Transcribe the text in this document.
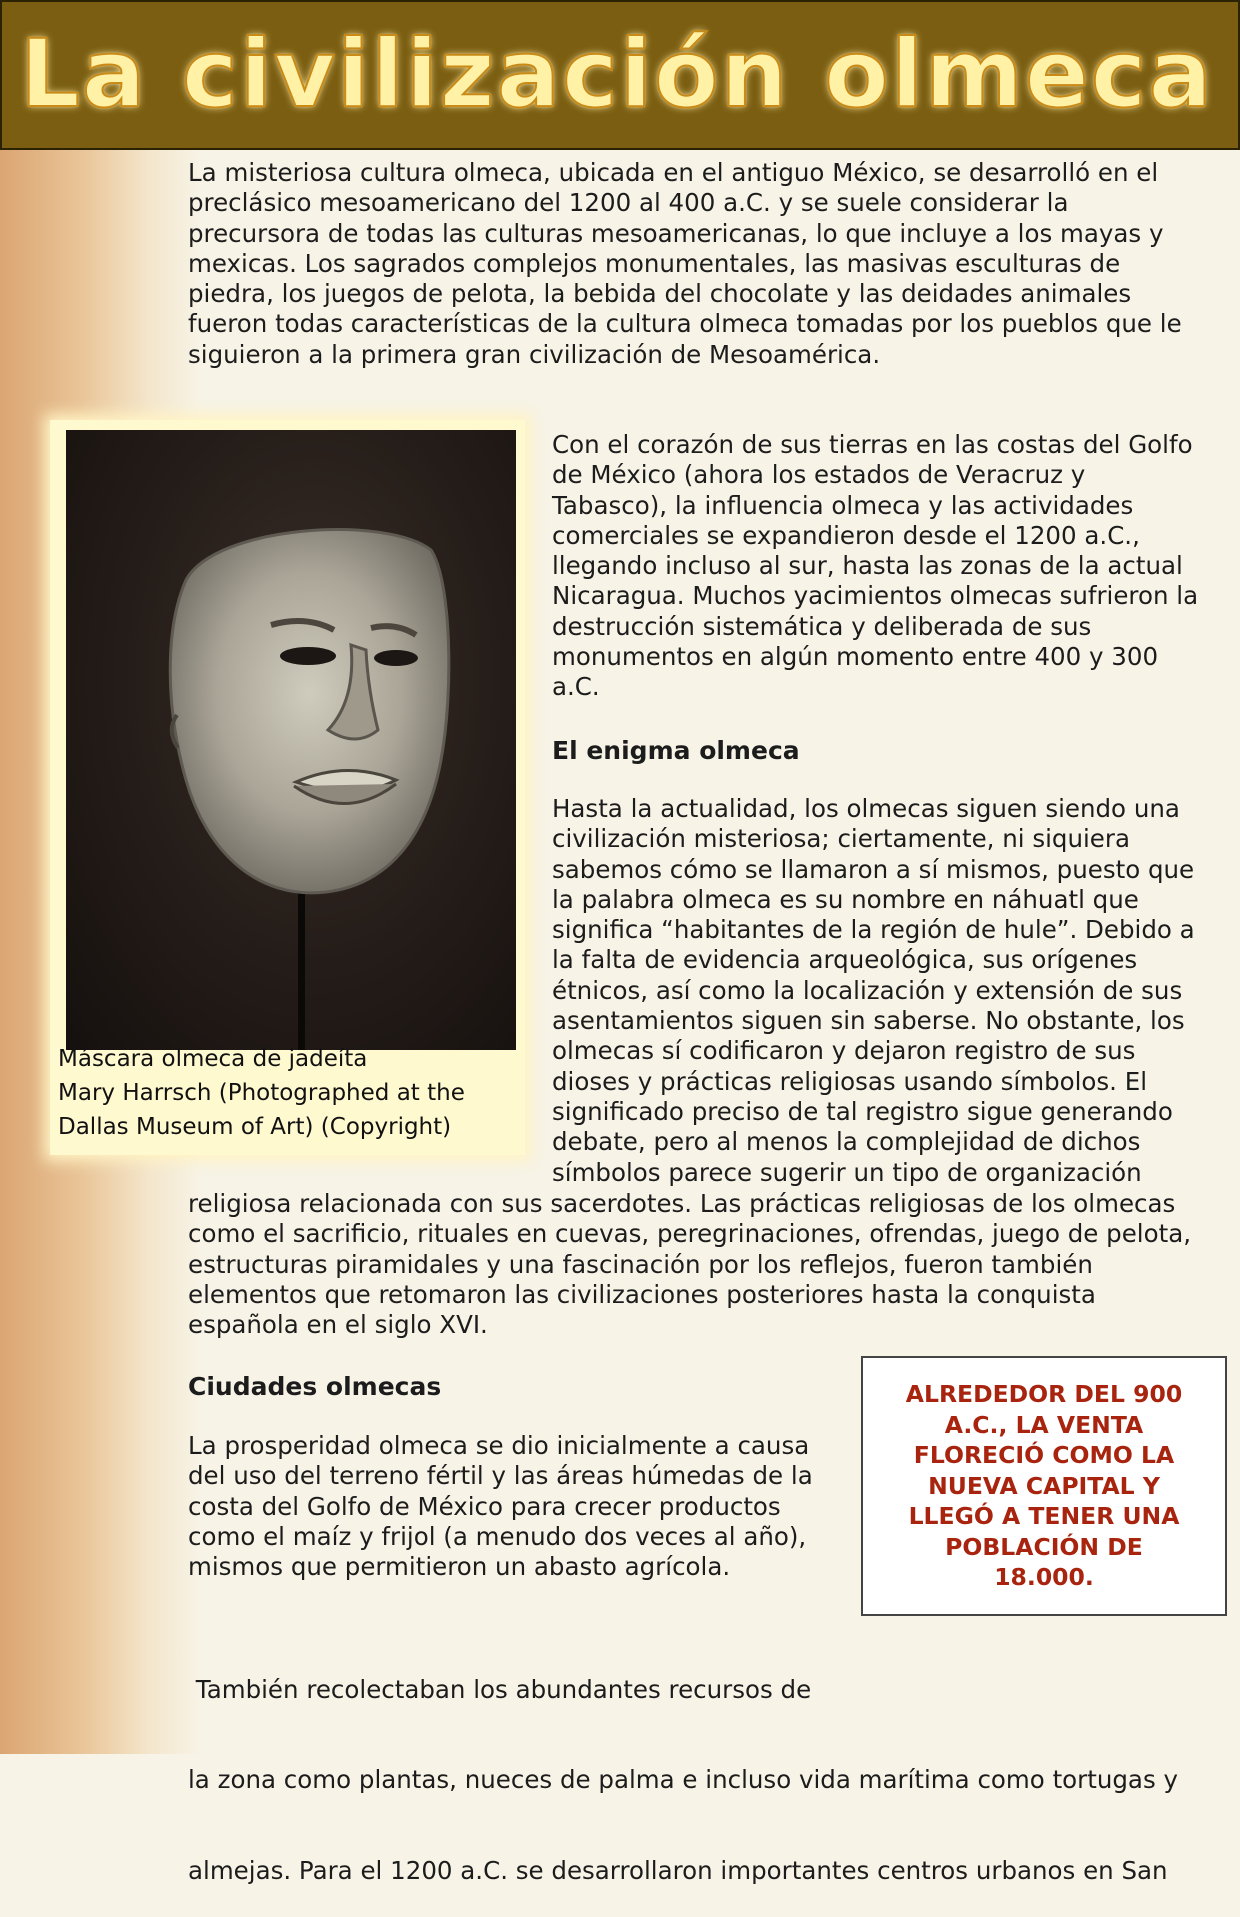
La civilización olmeca

La misteriosa cultura olmeca, ubicada en el antiguo México, se desarrolló en el
preclásico mesoamericano del 1200 al 400 a.C. y se suele considerar la
precursora de todas las culturas mesoamericanas, lo que incluye a los mayas y
mexicas. Los sagrados complejos monumentales, las masivas esculturas de
piedra, los juegos de pelota, la bebida del chocolate y las deidades animales
fueron todas características de la cultura olmeca tomadas por los pueblos que le
siguieron a la primera gran civilización de Mesoamérica.

Máscara olmeca de jadeíta
Mary Harrsch (Photographed at the
Dallas Museum of Art) (Copyright)

Con el corazón de sus tierras en las costas del Golfo
de México (ahora los estados de Veracruz y
Tabasco), la influencia olmeca y las actividades
comerciales se expandieron desde el 1200 a.C.,
llegando incluso al sur, hasta las zonas de la actual
Nicaragua. Muchos yacimientos olmecas sufrieron la
destrucción sistemática y deliberada de sus
monumentos en algún momento entre 400 y 300
a.C.

El enigma olmeca

Hasta la actualidad, los olmecas siguen siendo una
civilización misteriosa; ciertamente, ni siquiera
sabemos cómo se llamaron a sí mismos, puesto que
la palabra olmeca es su nombre en náhuatl que
significa “habitantes de la región de hule”. Debido a
la falta de evidencia arqueológica, sus orígenes
étnicos, así como la localización y extensión de sus
asentamientos siguen sin saberse. No obstante, los
olmecas sí codificaron y dejaron registro de sus
dioses y prácticas religiosas usando símbolos. El
significado preciso de tal registro sigue generando
debate, pero al menos la complejidad de dichos
símbolos parece sugerir un tipo de organización

religiosa relacionada con sus sacerdotes. Las prácticas religiosas de los olmecas
como el sacrificio, rituales en cuevas, peregrinaciones, ofrendas, juego de pelota,
estructuras piramidales y una fascinación por los reflejos, fueron también
elementos que retomaron las civilizaciones posteriores hasta la conquista
española en el siglo XVI.

Ciudades olmecas

La prosperidad olmeca se dio inicialmente a causa
del uso del terreno fértil y las áreas húmedas de la
costa del Golfo de México para crecer productos
como el maíz y frijol (a menudo dos veces al año),
mismos que permitieron un abasto agrícola.

También recolectaban los abundantes recursos de

la zona como plantas, nueces de palma e incluso vida marítima como tortugas y

almejas. Para el 1200 a.C. se desarrollaron importantes centros urbanos en San

ALREDEDOR DEL 900
A.C., LA VENTA
FLORECIÓ COMO LA
NUEVA CAPITAL Y
LLEGÓ A TENER UNA
POBLACIÓN DE
18.000.
